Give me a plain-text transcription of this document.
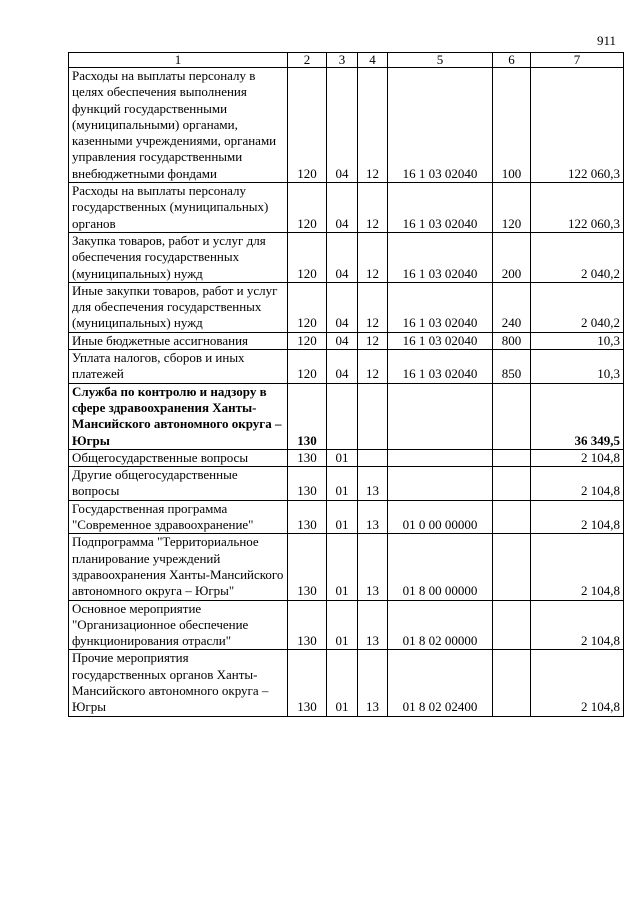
911
1	2	3	4	5	6	7
Расходы на выплаты персоналу в целях обеспечения выполнения функций государственными (муниципальными) органами, казенными учреждениями, органами управления государственными внебюджетными фондами	120	04	12	16 1 03 02040	100	122 060,3
Расходы на выплаты персоналу государственных (муниципальных) органов	120	04	12	16 1 03 02040	120	122 060,3
Закупка товаров, работ и услуг для обеспечения государственных (муниципальных) нужд	120	04	12	16 1 03 02040	200	2 040,2
Иные закупки товаров, работ и услуг для обеспечения государственных (муниципальных) нужд	120	04	12	16 1 03 02040	240	2 040,2
Иные бюджетные ассигнования	120	04	12	16 1 03 02040	800	10,3
Уплата налогов, сборов и иных платежей	120	04	12	16 1 03 02040	850	10,3
Служба по контролю и надзору в сфере здравоохранения Ханты-Мансийского автономного округа – Югры	130					36 349,5
Общегосударственные вопросы	130	01				2 104,8
Другие общегосударственные вопросы	130	01	13			2 104,8
Государственная программа "Современное здравоохранение"	130	01	13	01 0 00 00000		2 104,8
Подпрограмма "Территориальное планирование учреждений здравоохранения Ханты-Мансийского автономного округа – Югры"	130	01	13	01 8 00 00000		2 104,8
Основное мероприятие "Организационное обеспечение функционирования отрасли"	130	01	13	01 8 02 00000		2 104,8
Прочие мероприятия государственных органов Ханты-Мансийского автономного округа – Югры	130	01	13	01 8 02 02400		2 104,8
